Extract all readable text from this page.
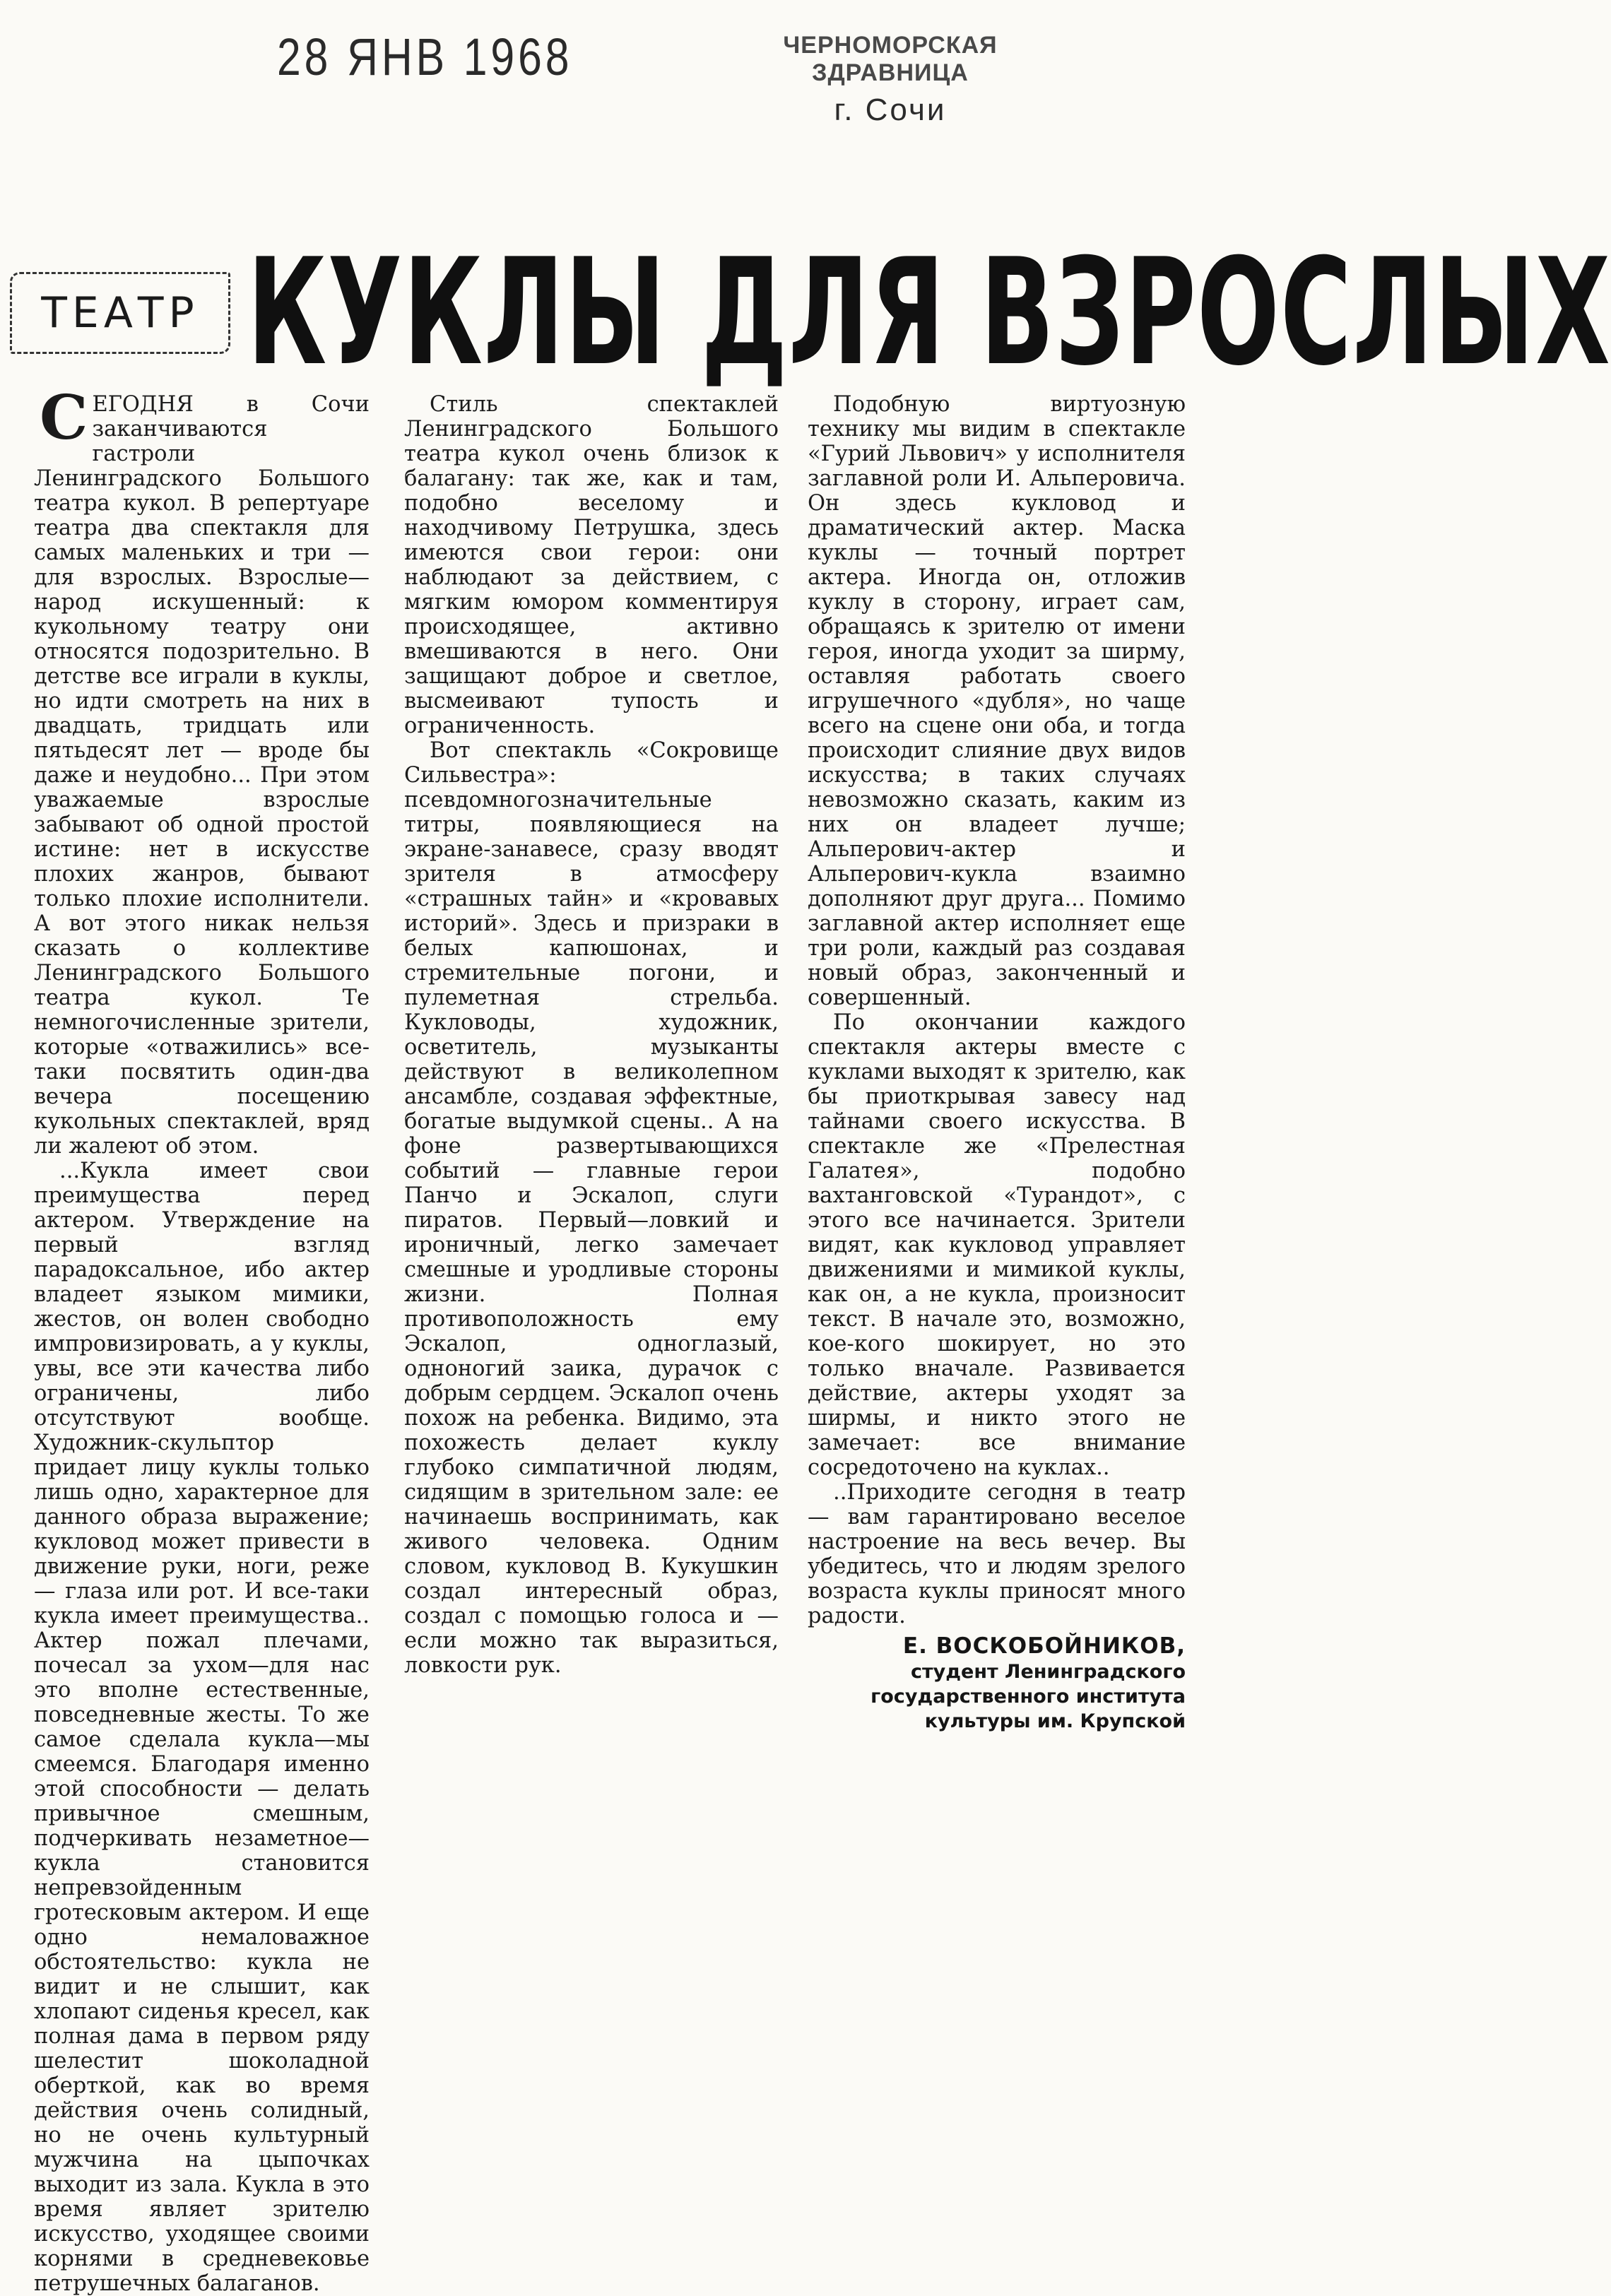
28 ЯНВ 1968	ЧЕРНОМОРСКАЯ ЗДРАВНИЦА
г. Сочи
ТЕАТР КУКЛЫ ДЛЯ ВЗРОСЛЫХ

СЕГОДНЯ в Сочи заканчиваются гастроли Ленинградского Большого театра кукол. В репертуаре театра два спектакля для самых маленьких и три — для взрослых. Взрослые—народ искушенный: к кукольному театру они относятся подозрительно. В детстве все играли в куклы, но идти смотреть на них в двадцать, тридцать или пятьдесят лет — вроде бы даже и неудобно... При этом уважаемые взрослые забывают об одной простой истине: нет в искусстве плохих жанров, бывают только плохие исполнители. А вот этого никак нельзя сказать о коллективе Ленинградского Большого театра кукол. Те немногочисленные зрители, которые «отважились» все-таки посвятить один-два вечера посещению кукольных спектаклей, вряд ли жалеют об этом.

...Кукла имеет свои преимущества перед актером. Утверждение на первый взгляд парадоксальное, ибо актер владеет языком мимики, жестов, он волен свободно импровизировать, а у куклы, увы, все эти качества либо ограничены, либо отсутствуют вообще. Художник-скульптор придает лицу куклы только лишь одно, характерное для данного образа выражение; кукловод может привести в движение руки, ноги, реже — глаза или рот. И все-таки кукла имеет преимущества.. Актер пожал плечами, почесал за ухом—для нас это вполне естественные, повседневные жесты. То же самое сделала кукла—мы смеемся. Благодаря именно этой способности — делать привычное смешным, подчеркивать незаметное—кукла становится непревзойденным гротесковым актером. И еще одно немаловажное обстоятельство: кукла не видит и не слышит, как хлопают сиденья кресел, как полная дама в первом ряду шелестит шоколадной оберткой, как во время действия очень солидный, но не очень культурный мужчина на цыпочках выходит из зала. Кукла в это время являет зрителю искусство, уходящее своими корнями в средневековье петрушечных балаганов.

Стиль спектаклей Ленинградского Большого театра кукол очень близок к балагану: так же, как и там, подобно веселому и находчивому Петрушка, здесь имеются свои герои: они наблюдают за действием, с мягким юмором комментируя происходящее, активно вмешиваются в него. Они защищают доброе и светлое, высмеивают тупость и ограниченность.

Вот спектакль «Сокровище Сильвестра»: псевдомногозначительные титры, появляющиеся на экране-занавесе, сразу вводят зрителя в атмосферу «страшных тайн» и «кровавых историй». Здесь и призраки в белых капюшонах, и стремительные погони, и пулеметная стрельба. Кукловоды, художник, осветитель, музыканты действуют в великолепном ансамбле, создавая эффектные, богатые выдумкой сцены.. А на фоне развертывающихся событий — главные герои Панчо и Эскалоп, слуги пиратов. Первый—ловкий и ироничный, легко замечает смешные и уродливые стороны жизни. Полная противоположность ему Эскалоп, одноглазый, одноногий заика, дурачок с добрым сердцем. Эскалоп очень похож на ребенка. Видимо, эта похожесть делает куклу глубоко симпатичной людям, сидящим в зрительном зале: ее начинаешь воспринимать, как живого человека. Одним словом, кукловод В. Кукушкин создал интересный образ, создал с помощью голоса и — если можно так выразиться, ловкости рук.

Подобную виртуозную технику мы видим в спектакле «Гурий Львович» у исполнителя заглавной роли И. Альперовича. Он здесь кукловод и драматический актер. Маска куклы — точный портрет актера. Иногда он, отложив куклу в сторону, играет сам, обращаясь к зрителю от имени героя, иногда уходит за ширму, оставляя работать своего игрушечного «дубля», но чаще всего на сцене они оба, и тогда происходит слияние двух видов искусства; в таких случаях невозможно сказать, каким из них он владеет лучше; Альперович-актер и Альперович-кукла взаимно дополняют друг друга... Помимо заглавной актер исполняет еще три роли, каждый раз создавая новый образ, законченный и совершенный.

По окончании каждого спектакля актеры вместе с куклами выходят к зрителю, как бы приоткрывая завесу над тайнами своего искусства. В спектакле же «Прелестная Галатея», подобно вахтанговской «Турандот», с этого все начинается. Зрители видят, как кукловод управляет движениями и мимикой куклы, как он, а не кукла, произносит текст. В начале это, возможно, кое-кого шокирует, но это только вначале. Развивается действие, актеры уходят за ширмы, и никто этого не замечает: все внимание сосредоточено на куклах..

..Приходите сегодня в театр — вам гарантировано веселое настроение на весь вечер. Вы убедитесь, что и людям зрелого возраста куклы приносят много радости.

Е. ВОСКОБОЙНИКОВ,
студент Ленинградского государственного института культуры им. Крупской
